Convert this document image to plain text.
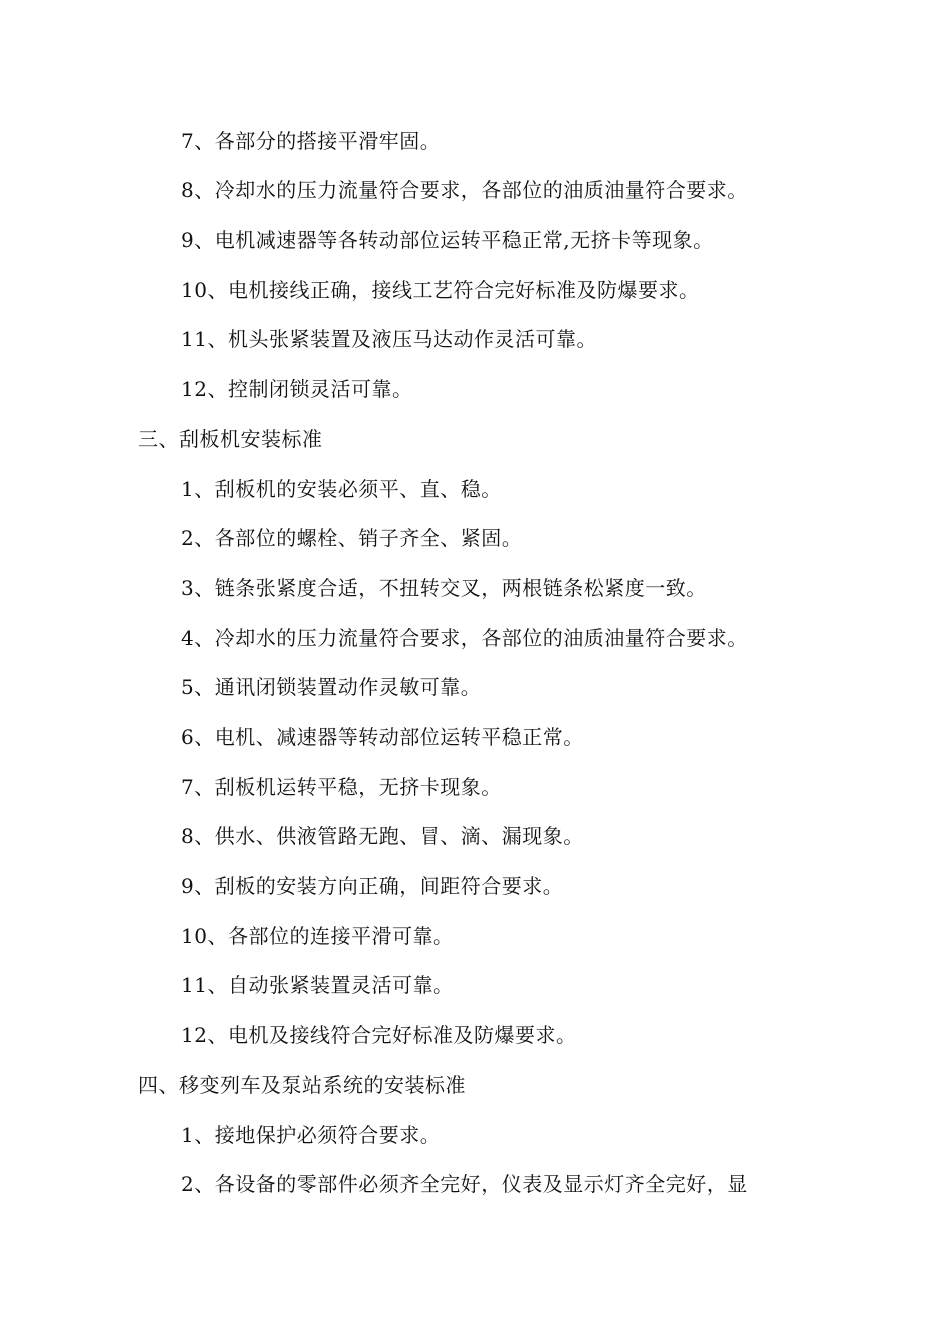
7、各部分的搭接平滑牢固。
8、冷却水的压力流量符合要求，各部位的油质油量符合要求。
9、电机减速器等各转动部位运转平稳正常,无挤卡等现象。
10、电机接线正确，接线工艺符合完好标准及防爆要求。
11、机头张紧装置及液压马达动作灵活可靠。
12、控制闭锁灵活可靠。
三、刮板机安装标准
1、刮板机的安装必须平、直、稳。
2、各部位的螺栓、销子齐全、紧固。
3、链条张紧度合适，不扭转交叉，两根链条松紧度一致。
4、冷却水的压力流量符合要求，各部位的油质油量符合要求。
5、通讯闭锁装置动作灵敏可靠。
6、电机、减速器等转动部位运转平稳正常。
7、刮板机运转平稳，无挤卡现象。
8、供水、供液管路无跑、冒、滴、漏现象。
9、刮板的安装方向正确，间距符合要求。
10、各部位的连接平滑可靠。
11、自动张紧装置灵活可靠。
12、电机及接线符合完好标准及防爆要求。
四、移变列车及泵站系统的安装标准
1、接地保护必须符合要求。
2、各设备的零部件必须齐全完好，仪表及显示灯齐全完好，显
